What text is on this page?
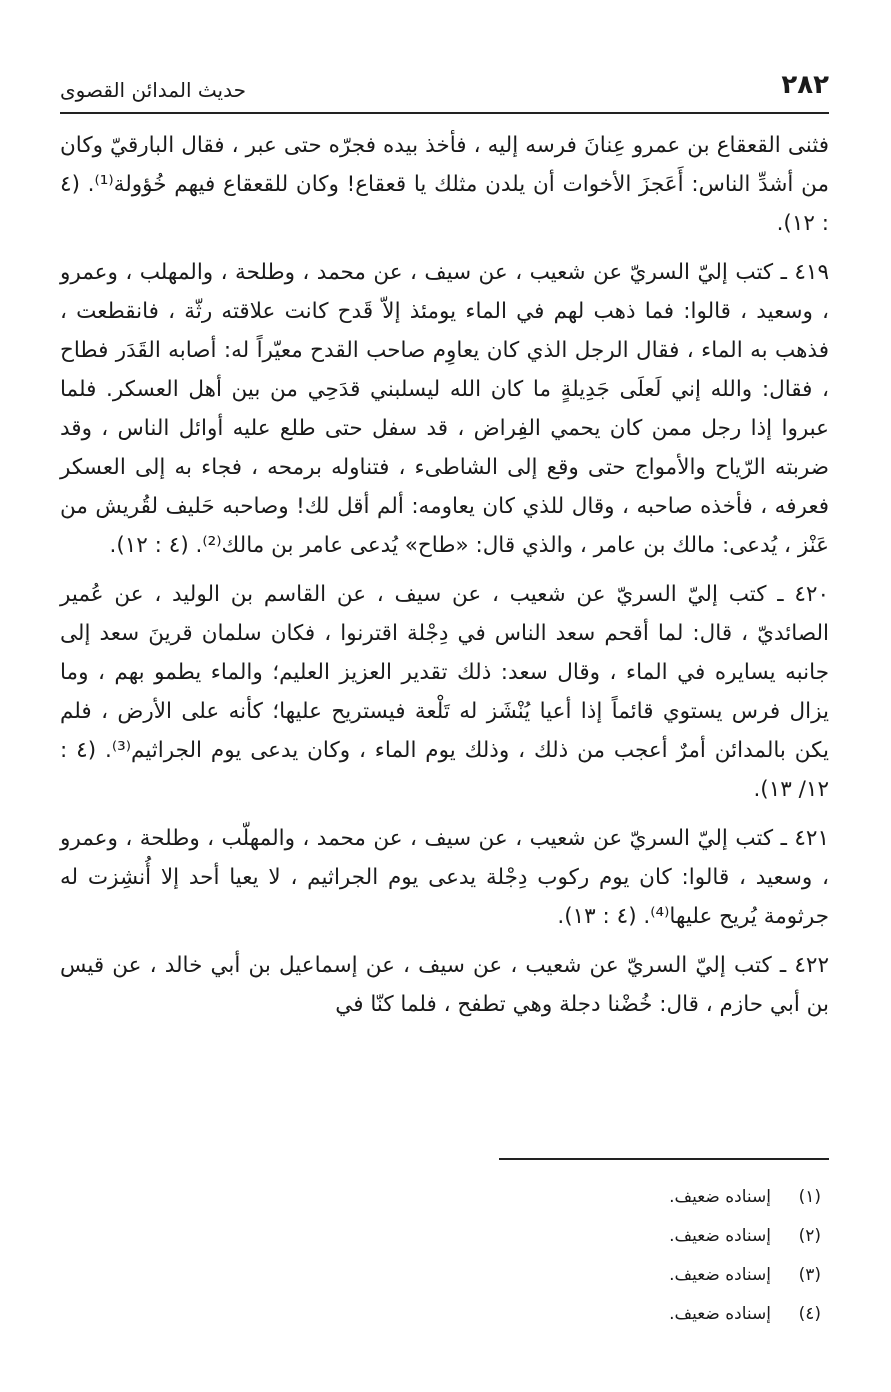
٢٨٢
حديث المدائن القصوى

فثنى القعقاع بن عمرو عِنانَ فرسه إليه ، فأخذ بيده فجرّه حتى عبر ، فقال البارقيّ وكان من أشدِّ الناس: أَعَجزَ الأخوات أن يلدن مثلك يا قعقاع! وكان للقعقاع فيهم خُؤولة⁽¹⁾. (٤ : ١٢).

٤١٩ ـ كتب إليّ السريّ عن شعيب ، عن سيف ، عن محمد ، وطلحة ، والمهلب ، وعمرو ، وسعيد ، قالوا: فما ذهب لهم في الماء يومئذ إلاّ قَدح كانت علاقته رثّة ، فانقطعت ، فذهب به الماء ، فقال الرجل الذي كان يعاوِم صاحب القدح معيّراً له: أصابه القَدَر فطاح ، فقال: والله إني لَعلَى جَدِيلةٍ ما كان الله ليسلبني قدَحِي من بين أهل العسكر. فلما عبروا إذا رجل ممن كان يحمي الفِراض ، قد سفل حتى طلع عليه أوائل الناس ، وقد ضربته الرّياح والأمواج حتى وقع إلى الشاطىء ، فتناوله برمحه ، فجاء به إلى العسكر فعرفه ، فأخذه صاحبه ، وقال للذي كان يعاومه: ألم أقل لك! وصاحبه حَليف لقُريش من عَنْز ، يُدعى: مالك بن عامر ، والذي قال: «طاح» يُدعى عامر بن مالك⁽²⁾. (٤ : ١٢).

٤٢٠ ـ كتب إليّ السريّ عن شعيب ، عن سيف ، عن القاسم بن الوليد ، عن عُمير الصائديّ ، قال: لما أقحم سعد الناس في دِجْلة اقترنوا ، فكان سلمان قرينَ سعد إلى جانبه يسايره في الماء ، وقال سعد: ذلك تقدير العزيز العليم؛ والماء يطمو بهم ، وما يزال فرس يستوي قائماً إذا أعيا يُنْشَز له تَلْعة فيستريح عليها؛ كأنه على الأرض ، فلم يكن بالمدائن أمرٌ أعجب من ذلك ، وذلك يوم الماء ، وكان يدعى يوم الجراثيم⁽³⁾. (٤ : ١٢/ ١٣).

٤٢١ ـ كتب إليّ السريّ عن شعيب ، عن سيف ، عن محمد ، والمهلّب ، وطلحة ، وعمرو ، وسعيد ، قالوا: كان يوم ركوب دِجْلة يدعى يوم الجراثيم ، لا يعيا أحد إلا أُنشِزت له جرثومة يُريح عليها⁽⁴⁾. (٤ : ١٣).

٤٢٢ ـ كتب إليّ السريّ عن شعيب ، عن سيف ، عن إسماعيل بن أبي خالد ، عن قيس بن أبي حازم ، قال: خُضْنا دجلة وهي تطفح ، فلما كنّا في

(١)
إسناده ضعيف.
(٢)
إسناده ضعيف.
(٣)
إسناده ضعيف.
(٤)
إسناده ضعيف.
